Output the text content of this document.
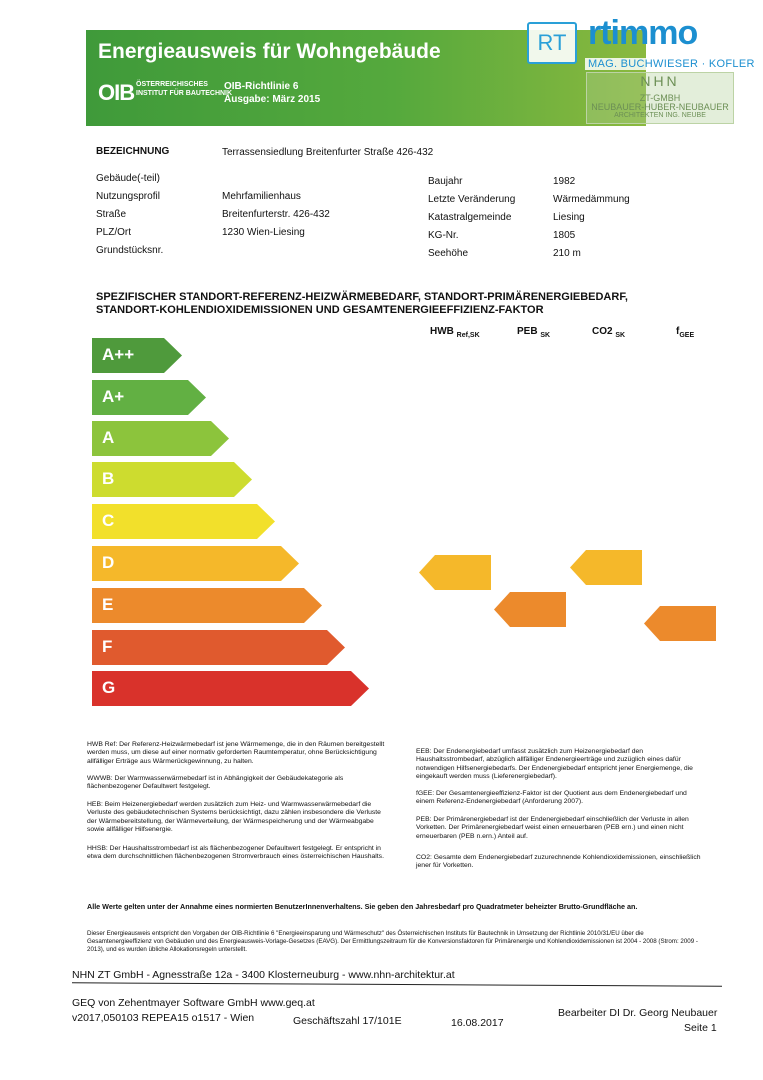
Energieausweis für Wohngebäude
OIB ÖSTERREICHISCHES
INSTITUT FÜR BAUTECHNIK
OIB-Richtlinie 6
Ausgabe: März 2015
RT rtimmo
MAG. BUCHWIESER · KOFLER
NHN
ZT-GMBH
NEUBAUER-HUBER-NEUBAUER
ARCHITEKTEN ING. NEUBE
BEZEICHNUNG	Terrassensiedlung Breitenfurter Straße 426-432
Gebäude(-teil)
Nutzungsprofil	Mehrfamilienhaus
Straße	Breitenfurterstr. 426-432
PLZ/Ort	1230 Wien-Liesing
Grundstücksnr.
Baujahr	1982
Letzte Veränderung	Wärmedämmung
Katastralgemeinde	Liesing
KG-Nr.	1805
Seehöhe	210 m
SPEZIFISCHER STANDORT-REFERENZ-HEIZWÄRMEBEDARF, STANDORT-PRIMÄRENERGIEBEDARF,
STANDORT-KOHLENDIOXIDEMISSIONEN UND GESAMTENERGIEEFFIZIENZ-FAKTOR
HWB $_{Ref,SK}$	PEB $_{SK}$	CO2 $_{SK}$	$f_{GEE}$
A++
A+
A
B
C
D
E
F
G
D
E
D
E
HWB Ref: Der Referenz-Heizwärmebedarf ist jene Wärmemenge, die in den Räumen bereitgestellt werden muss, um diese auf einer normativ geforderten Raumtemperatur, ohne Berücksichtigung allfälliger Erträge aus Wärmerückgewinnung, zu halten.
WWWB: Der Warmwasserwärmebedarf ist in Abhängigkeit der Gebäudekategorie als flächenbezogener Defaultwert festgelegt.
HEB: Beim Heizenergiebedarf werden zusätzlich zum Heiz- und Warmwasserwärmebedarf die Verluste des gebäudetechnischen Systems berücksichtigt, dazu zählen insbesondere die Verluste der Wärmebereitstellung, der Wärmeverteilung, der Wärmespeicherung und der Wärmeabgabe sowie allfälliger Hilfsenergie.
HHSB: Der Haushaltsstrombedarf ist als flächenbezogener Defaultwert festgelegt. Er entspricht in etwa dem durchschnittlichen flächenbezogenen Stromverbrauch eines österreichischen Haushalts.
EEB: Der Endenergiebedarf umfasst zusätzlich zum Heizenergiebedarf den Haushaltsstrombedarf, abzüglich allfälliger Endenergieerträge und zuzüglich eines dafür notwendigen Hilfsenergiebedarfs. Der Endenergiebedarf entspricht jener Energiemenge, die eingekauft werden muss (Lieferenergiebedarf).
fGEE: Der Gesamtenergieeffizienz-Faktor ist der Quotient aus dem Endenergiebedarf und einem Referenz-Endenergiebedarf (Anforderung 2007).
PEB: Der Primärenergiebedarf ist der Endenergiebedarf einschließlich der Verluste in allen Vorketten. Der Primärenergiebedarf weist einen erneuerbaren (PEB ern.) und einen nicht erneuerbaren (PEB n.ern.) Anteil auf.
CO2: Gesamte dem Endenergiebedarf zuzurechnende Kohlendioxidemissionen, einschließlich jener für Vorketten.
Alle Werte gelten unter der Annahme eines normierten BenutzerInnenverhaltens. Sie geben den Jahresbedarf pro Quadratmeter beheizter Brutto-Grundfläche an.
Dieser Energieausweis entspricht den Vorgaben der OIB-Richtlinie 6 "Energieeinsparung und Wärmeschutz" des Österreichischen Instituts für Bautechnik in Umsetzung der Richtlinie 2010/31/EU über die Gesamtenergieeffizienz von Gebäuden und des Energieausweis-Vorlage-Gesetzes (EAVG). Der Ermittlungszeitraum für die Konversionsfaktoren für Primärenergie und Kohlendioxidemissionen ist 2004 - 2008 (Strom: 2009 - 2013), und es wurden übliche Allokationsregeln unterstellt.
NHN ZT GmbH - Agnesstraße 12a - 3400 Klosterneuburg - www.nhn-architektur.at
GEQ von Zehentmayer Software GmbH www.geq.at
v2017,050103 REPEA15 o1517 - Wien	Geschäftszahl 17/101E	16.08.2017
Bearbeiter DI Dr. Georg Neubauer
Seite 1
